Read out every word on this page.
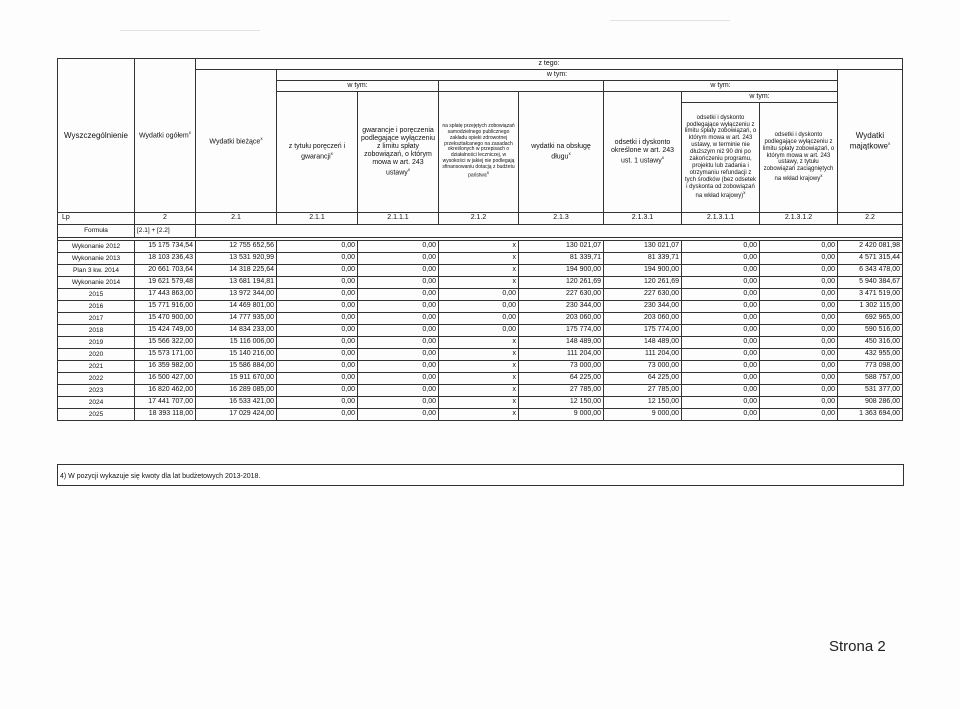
Wyszczególnienie	Wydatki ogółem$^x$	z tego:								
		Wydatki bieżące$^x$	w tym:							Wydatki majątkowe$^x$
			w tym:				w tym:			
			z tytułu poręczeń i gwarancji$^x$	gwarancje i poręczenia podlegające wyłączeniu z limitu spłaty zobowiązań, o którym mowa w art. 243 ustawy$^x$	na spłatę przejętych zobowiązań samodzielnego publicznego zakładu opieki zdrowotnej przekształcanego na zasadach określonych w przepisach o działalności leczniczej, w wysokości w jakiej nie podlegają sfinansowaniu dotacją z budżetu państwa$^x$	wydatki na obsługę długu$^x$	odsetki i dyskonto określone w art. 243 ust. 1 ustawy$^x$	w tym:		
								odsetki i dyskonto podlegające wyłączeniu z limitu spłaty zobowiązań, o którym mowa w art. 243 ustawy, w terminie nie dłuższym niż 90 dni po zakończeniu programu, projektu lub zadania i otrzymaniu refundacji z tych środków (bez odsetek i dyskonta od zobowiązań na wkład krajowy)$^x$	odsetki i dyskonto podlegające wyłączeniu z limitu spłaty zobowiązań, o którym mowa w art. 243 ustawy, z tytułu zobowiązań zaciągniętych na wkład krajowy$^x$
Lp	2	2.1	2.1.1	2.1.1.1	2.1.2	2.1.3	2.1.3.1	2.1.3.1.1	2.1.3.1.2	2.2
Formuła	[2.1] + [2.2]									

Wykonanie 2012	15 175 734,54	12 755 652,56	0,00	0,00	x	130 021,07	130 021,07	0,00	0,00	2 420 081,98
Wykonanie 2013	18 103 236,43	13 531 920,99	0,00	0,00	x	81 339,71	81 339,71	0,00	0,00	4 571 315,44
Plan 3 kw. 2014	20 661 703,64	14 318 225,64	0,00	0,00	x	194 900,00	194 900,00	0,00	0,00	6 343 478,00
Wykonanie 2014	19 621 579,48	13 681 194,81	0,00	0,00	x	120 261,69	120 261,69	0,00	0,00	5 940 384,67
2015	17 443 863,00	13 972 344,00	0,00	0,00	0,00	227 630,00	227 630,00	0,00	0,00	3 471 519,00
2016	15 771 916,00	14 469 801,00	0,00	0,00	0,00	230 344,00	230 344,00	0,00	0,00	1 302 115,00
2017	15 470 900,00	14 777 935,00	0,00	0,00	0,00	203 060,00	203 060,00	0,00	0,00	692 965,00
2018	15 424 749,00	14 834 233,00	0,00	0,00	0,00	175 774,00	175 774,00	0,00	0,00	590 516,00
2019	15 566 322,00	15 116 006,00	0,00	0,00	x	148 489,00	148 489,00	0,00	0,00	450 316,00
2020	15 573 171,00	15 140 216,00	0,00	0,00	x	111 204,00	111 204,00	0,00	0,00	432 955,00
2021	16 359 982,00	15 586 884,00	0,00	0,00	x	73 000,00	73 000,00	0,00	0,00	773 098,00
2022	16 500 427,00	15 911 670,00	0,00	0,00	x	64 225,00	64 225,00	0,00	0,00	588 757,00
2023	16 820 462,00	16 289 085,00	0,00	0,00	x	27 785,00	27 785,00	0,00	0,00	531 377,00
2024	17 441 707,00	16 533 421,00	0,00	0,00	x	12 150,00	12 150,00	0,00	0,00	908 286,00
2025	18 393 118,00	17 029 424,00	0,00	0,00	x	9 000,00	9 000,00	0,00	0,00	1 363 694,00
4) W pozycji wykazuje się kwoty dla lat budżetowych 2013-2018.
Strona 2
